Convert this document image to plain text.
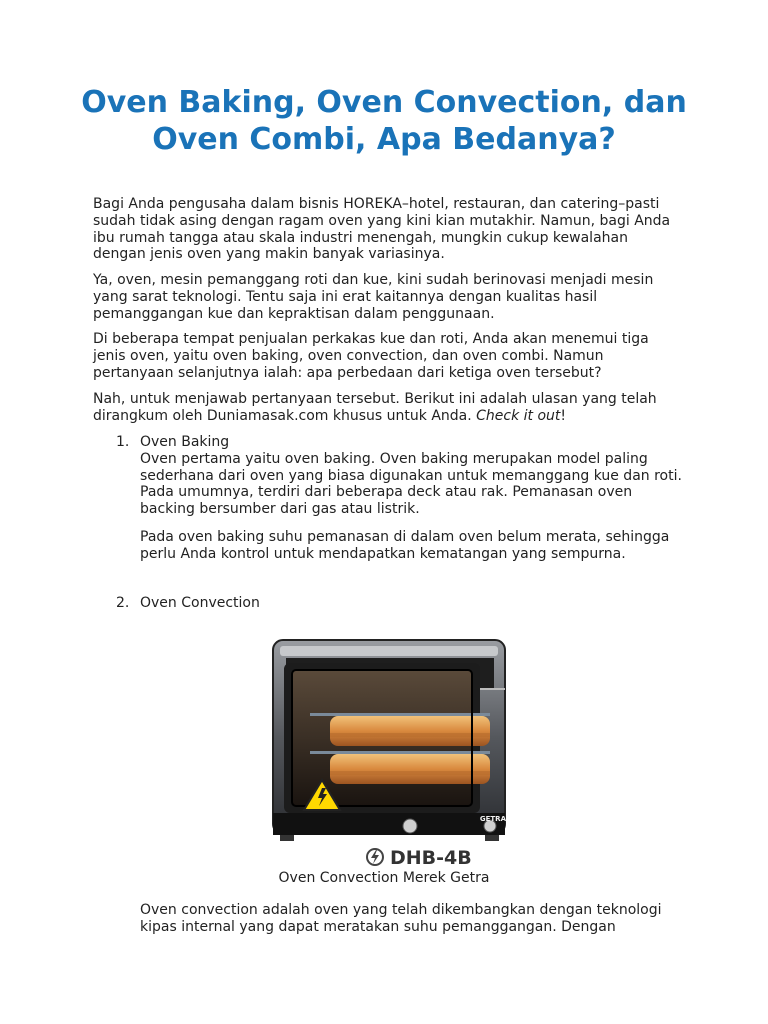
Oven Baking, Oven Convection, dan Oven Combi, Apa Bedanya?

Bagi Anda pengusaha dalam bisnis HOREKA–hotel, restauran, dan catering–pasti sudah tidak asing dengan ragam oven yang kini kian mutakhir. Namun, bagi Anda ibu rumah tangga atau skala industri menengah, mungkin cukup kewalahan dengan jenis oven yang makin banyak variasinya.

Ya, oven, mesin pemanggang roti dan kue, kini sudah berinovasi menjadi mesin yang sarat teknologi. Tentu saja ini erat kaitannya dengan kualitas hasil pemanggangan kue dan kepraktisan dalam penggunaan.

Di beberapa tempat penjualan perkakas kue dan roti, Anda akan menemui tiga jenis oven, yaitu oven baking, oven convection, dan oven combi. Namun pertanyaan selanjutnya ialah: apa perbedaan dari ketiga oven tersebut?

Nah, untuk menjawab pertanyaan tersebut. Berikut ini adalah ulasan yang telah dirangkum oleh Duniamasak.com khusus untuk Anda. Check it out!

1. Oven Baking
Oven pertama yaitu oven baking. Oven baking merupakan model paling sederhana dari oven yang biasa digunakan untuk memanggang kue dan roti. Pada umumnya, terdiri dari beberapa deck atau rak. Pemanasan oven backing bersumber dari gas atau listrik.
Pada oven baking suhu pemanasan di dalam oven belum merata, sehingga perlu Anda kontrol untuk mendapatkan kematangan yang sempurna.
2. Oven Convection
GETRA
DHB-4B
Oven Convection Merek Getra
Oven convection adalah oven yang telah dikembangkan dengan teknologi kipas internal yang dapat meratakan suhu pemanggangan. Dengan
